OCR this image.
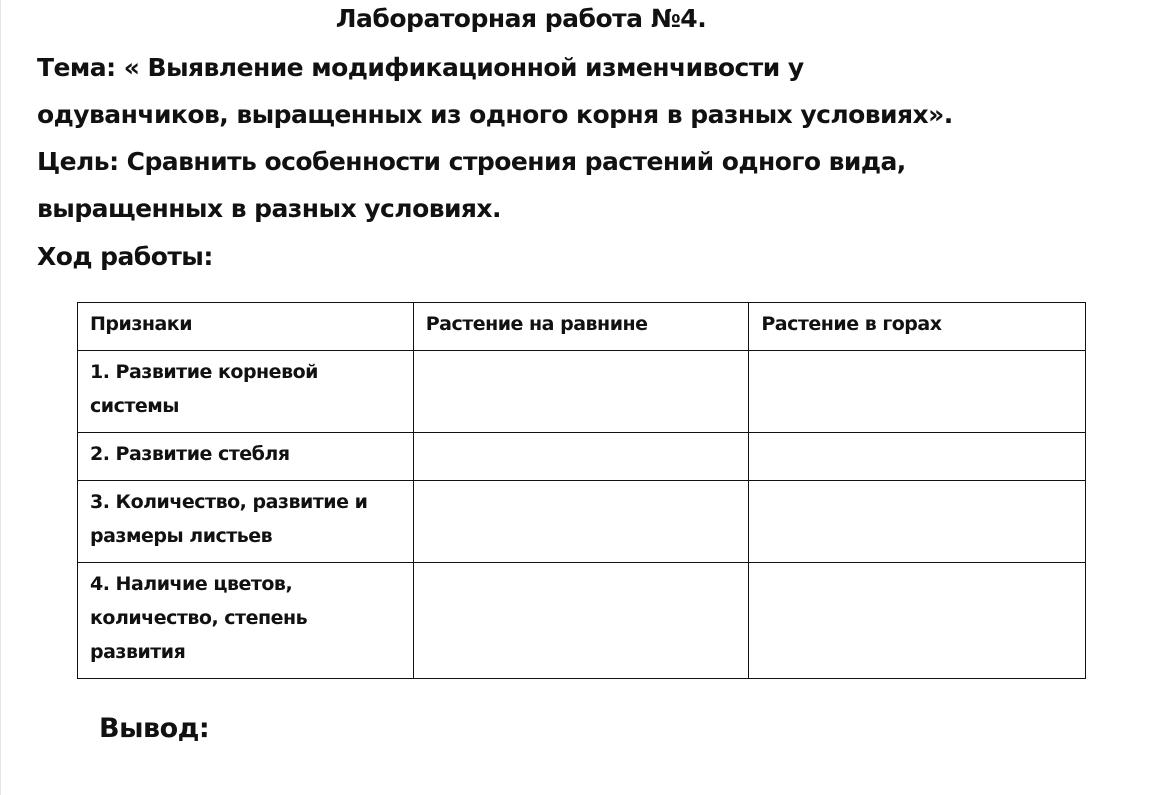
Лабораторная работа №4.
Тема: « Выявление модификационной изменчивости у
одуванчиков, выращенных из одного корня в разных условиях».
Цель: Сравнить особенности строения растений одного вида,
выращенных в разных условиях.
Ход работы:
Признаки	Растение на равнине	Растение в горах
1. Развитие корневой системы		
2. Развитие стебля		
3. Количество, развитие и размеры листьев		
4. Наличие цветов, количество, степень развития		
Вывод:
